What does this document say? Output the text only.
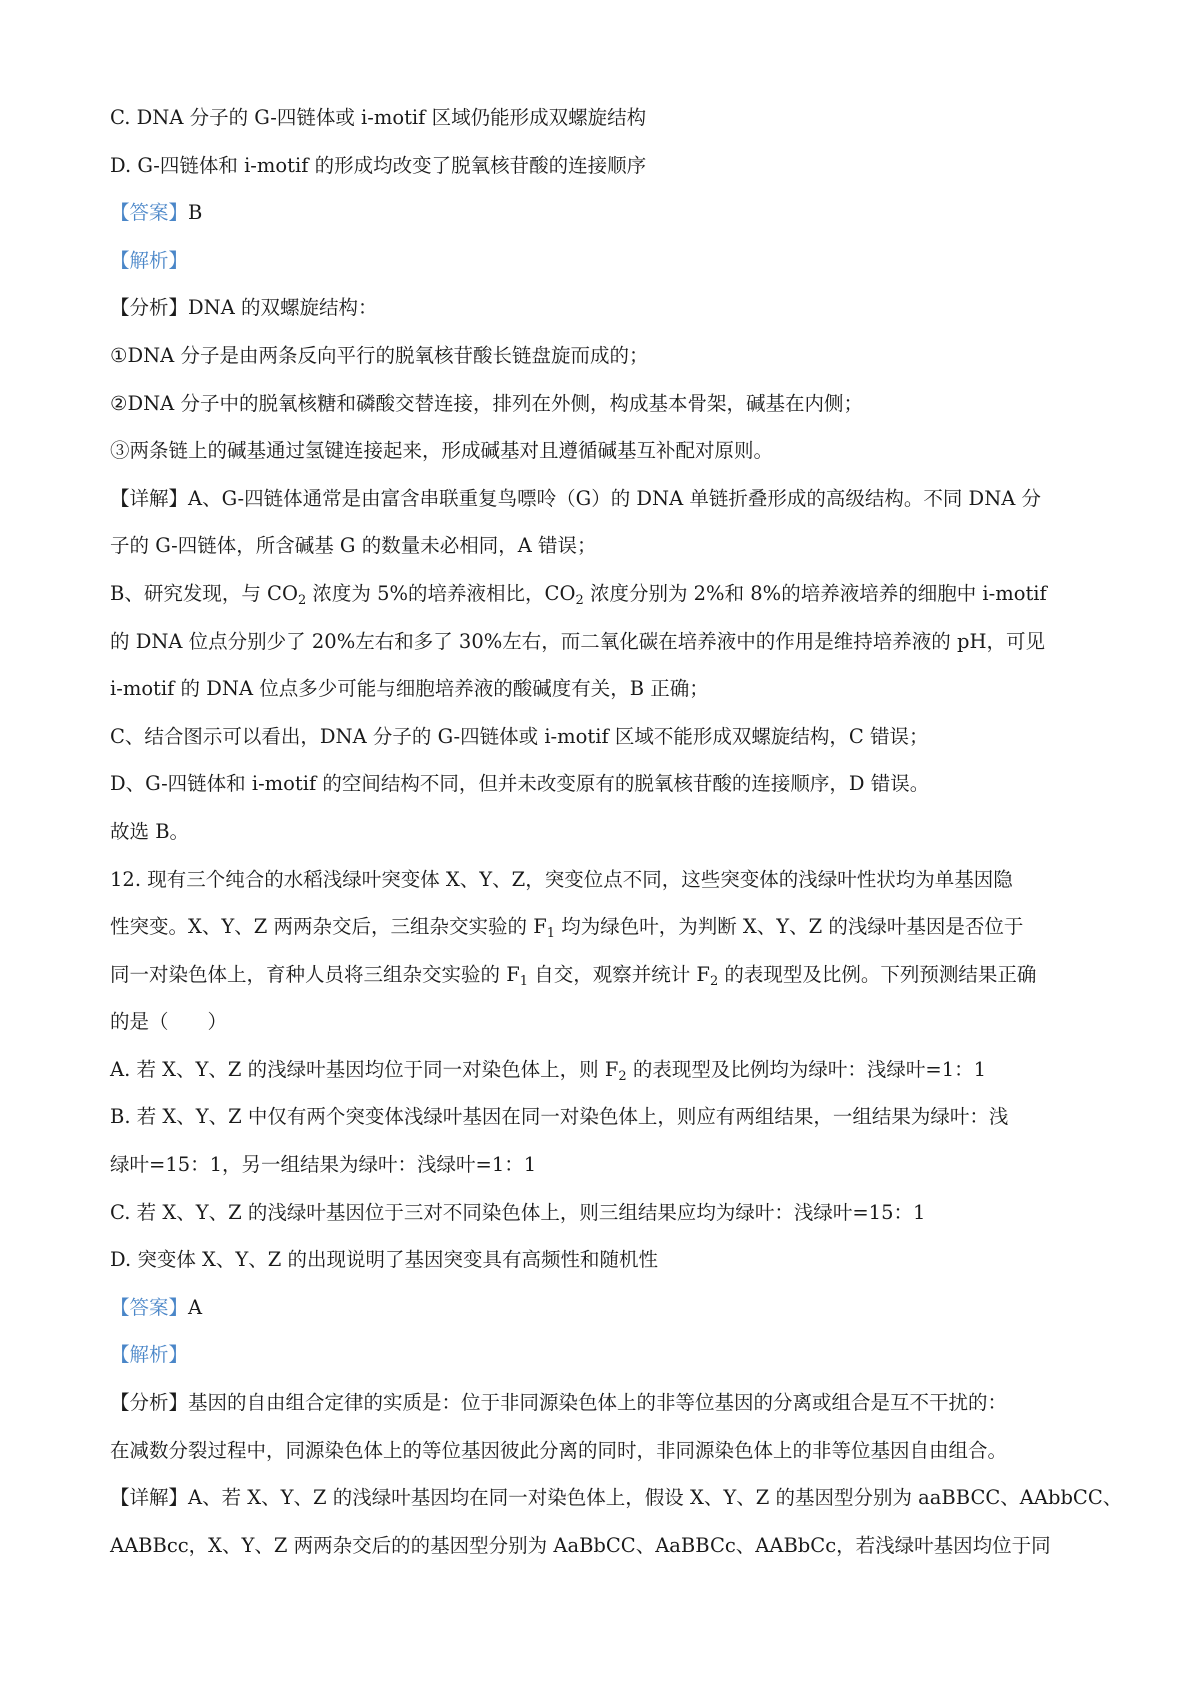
C. DNA 分子的 G-四链体或 i-motif 区域仍能形成双螺旋结构
D. G-四链体和 i-motif 的形成均改变了脱氧核苷酸的连接顺序
【答案】B
【解析】
【分析】DNA 的双螺旋结构：
①DNA 分子是由两条反向平行的脱氧核苷酸长链盘旋而成的；
②DNA 分子中的脱氧核糖和磷酸交替连接，排列在外侧，构成基本骨架，碱基在内侧；
③两条链上的碱基通过氢键连接起来，形成碱基对且遵循碱基互补配对原则。
【详解】A、G-四链体通常是由富含串联重复鸟嘌呤（G）的 DNA 单链折叠形成的高级结构。不同 DNA 分
子的 G-四链体，所含碱基 G 的数量未必相同，A 错误；
B、研究发现，与 $CO_2$ 浓度为 5%的培养液相比，$CO_2$ 浓度分别为 2%和 8%的培养液培养的细胞中 i-motif
的 DNA 位点分别少了 20%左右和多了 30%左右，而二氧化碳在培养液中的作用是维持培养液的 pH，可见
i-motif 的 DNA 位点多少可能与细胞培养液的酸碱度有关，B 正确；
C、结合图示可以看出，DNA 分子的 G-四链体或 i-motif 区域不能形成双螺旋结构，C 错误；
D、G-四链体和 i-motif 的空间结构不同，但并未改变原有的脱氧核苷酸的连接顺序，D 错误。
故选 B。
12. 现有三个纯合的水稻浅绿叶突变体 X、Y、Z，突变位点不同，这些突变体的浅绿叶性状均为单基因隐
性突变。X、Y、Z 两两杂交后，三组杂交实验的 $F_1$ 均为绿色叶，为判断 X、Y、Z 的浅绿叶基因是否位于
同一对染色体上，育种人员将三组杂交实验的 $F_1$ 自交，观察并统计 $F_2$ 的表现型及比例。下列预测结果正确
的是（　　）
A. 若 X、Y、Z 的浅绿叶基因均位于同一对染色体上，则 $F_2$ 的表现型及比例均为绿叶：浅绿叶=1：1
B. 若 X、Y、Z 中仅有两个突变体浅绿叶基因在同一对染色体上，则应有两组结果，一组结果为绿叶：浅
绿叶=15：1，另一组结果为绿叶：浅绿叶=1：1
C. 若 X、Y、Z 的浅绿叶基因位于三对不同染色体上，则三组结果应均为绿叶：浅绿叶=15：1
D. 突变体 X、Y、Z 的出现说明了基因突变具有高频性和随机性
【答案】A
【解析】
【分析】基因的自由组合定律的实质是：位于非同源染色体上的非等位基因的分离或组合是互不干扰的：
在减数分裂过程中，同源染色体上的等位基因彼此分离的同时，非同源染色体上的非等位基因自由组合。
【详解】A、若 X、Y、Z 的浅绿叶基因均在同一对染色体上，假设 X、Y、Z 的基因型分别为 aaBBCC、AAbbCC、
AABBcc，X、Y、Z 两两杂交后的的基因型分别为 AaBbCC、AaBBCc、AABbCc，若浅绿叶基因均位于同
